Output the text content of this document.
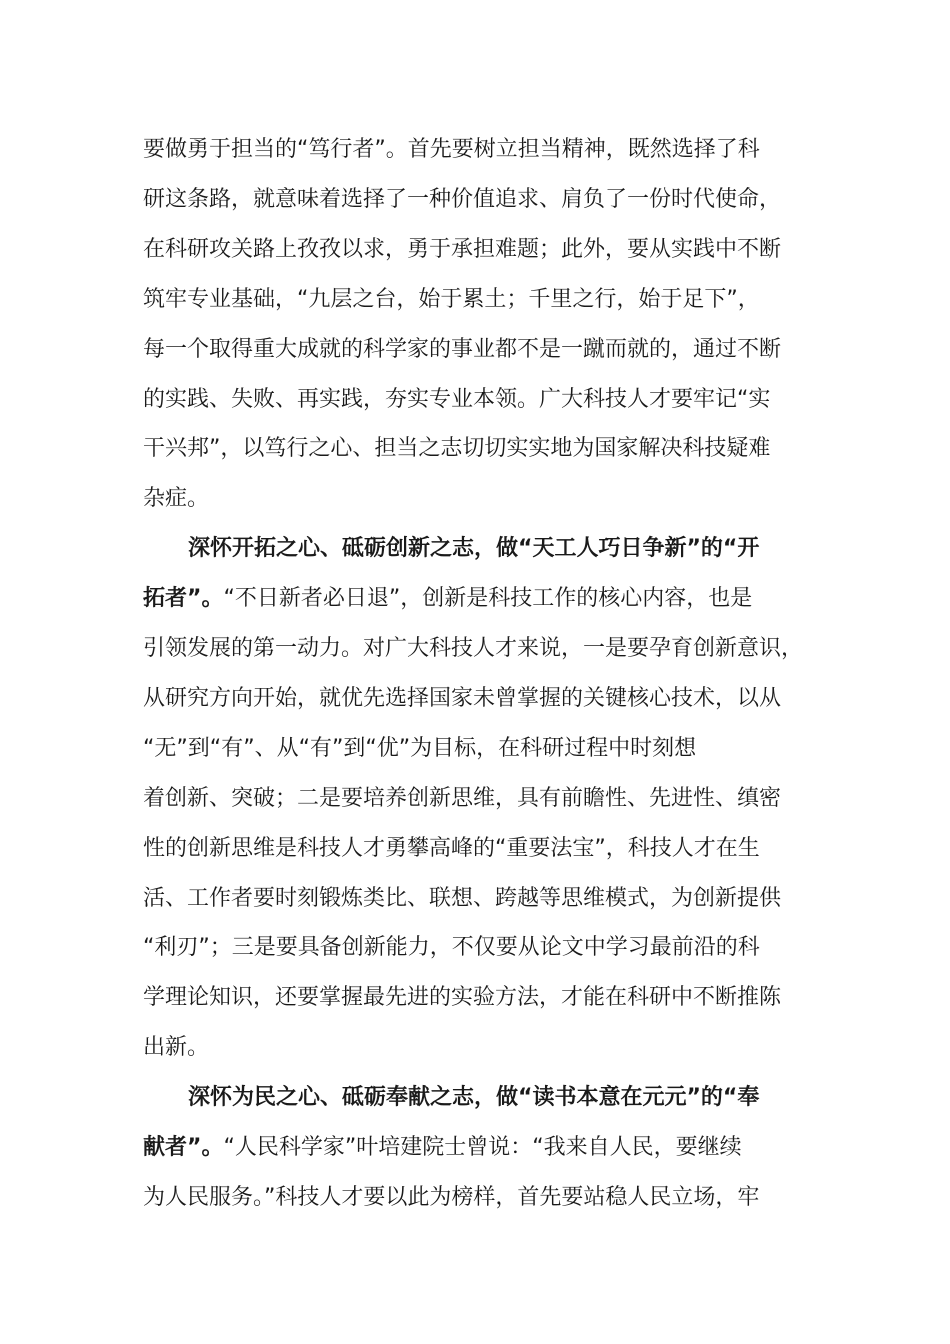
要做勇于担当的“笃行者”。首先要树立担当精神，既然选择了科
研这条路，就意味着选择了一种价值追求、肩负了一份时代使命，
在科研攻关路上孜孜以求，勇于承担难题；此外，要从实践中不断
筑牢专业基础，“九层之台，始于累土；千里之行，始于足下”，
每一个取得重大成就的科学家的事业都不是一蹴而就的，通过不断
的实践、失败、再实践，夯实专业本领。广大科技人才要牢记“实
干兴邦”，以笃行之心、担当之志切切实实地为国家解决科技疑难
杂症。
深怀开拓之心、砥砺创新之志，做“天工人巧日争新”的“开
拓者”。“不日新者必日退”，创新是科技工作的核心内容，也是
引领发展的第一动力。对广大科技人才来说，一是要孕育创新意识，
从研究方向开始，就优先选择国家未曾掌握的关键核心技术，以从
“无”到“有”、从“有”到“优”为目标，在科研过程中时刻想
着创新、突破；二是要培养创新思维，具有前瞻性、先进性、缜密
性的创新思维是科技人才勇攀高峰的“重要法宝”，科技人才在生
活、工作者要时刻锻炼类比、联想、跨越等思维模式，为创新提供
“利刃”；三是要具备创新能力，不仅要从论文中学习最前沿的科
学理论知识，还要掌握最先进的实验方法，才能在科研中不断推陈
出新。
深怀为民之心、砥砺奉献之志，做“读书本意在元元”的“奉
献者”。“人民科学家”叶培建院士曾说：“我来自人民，要继续
为人民服务。”科技人才要以此为榜样，首先要站稳人民立场，牢
